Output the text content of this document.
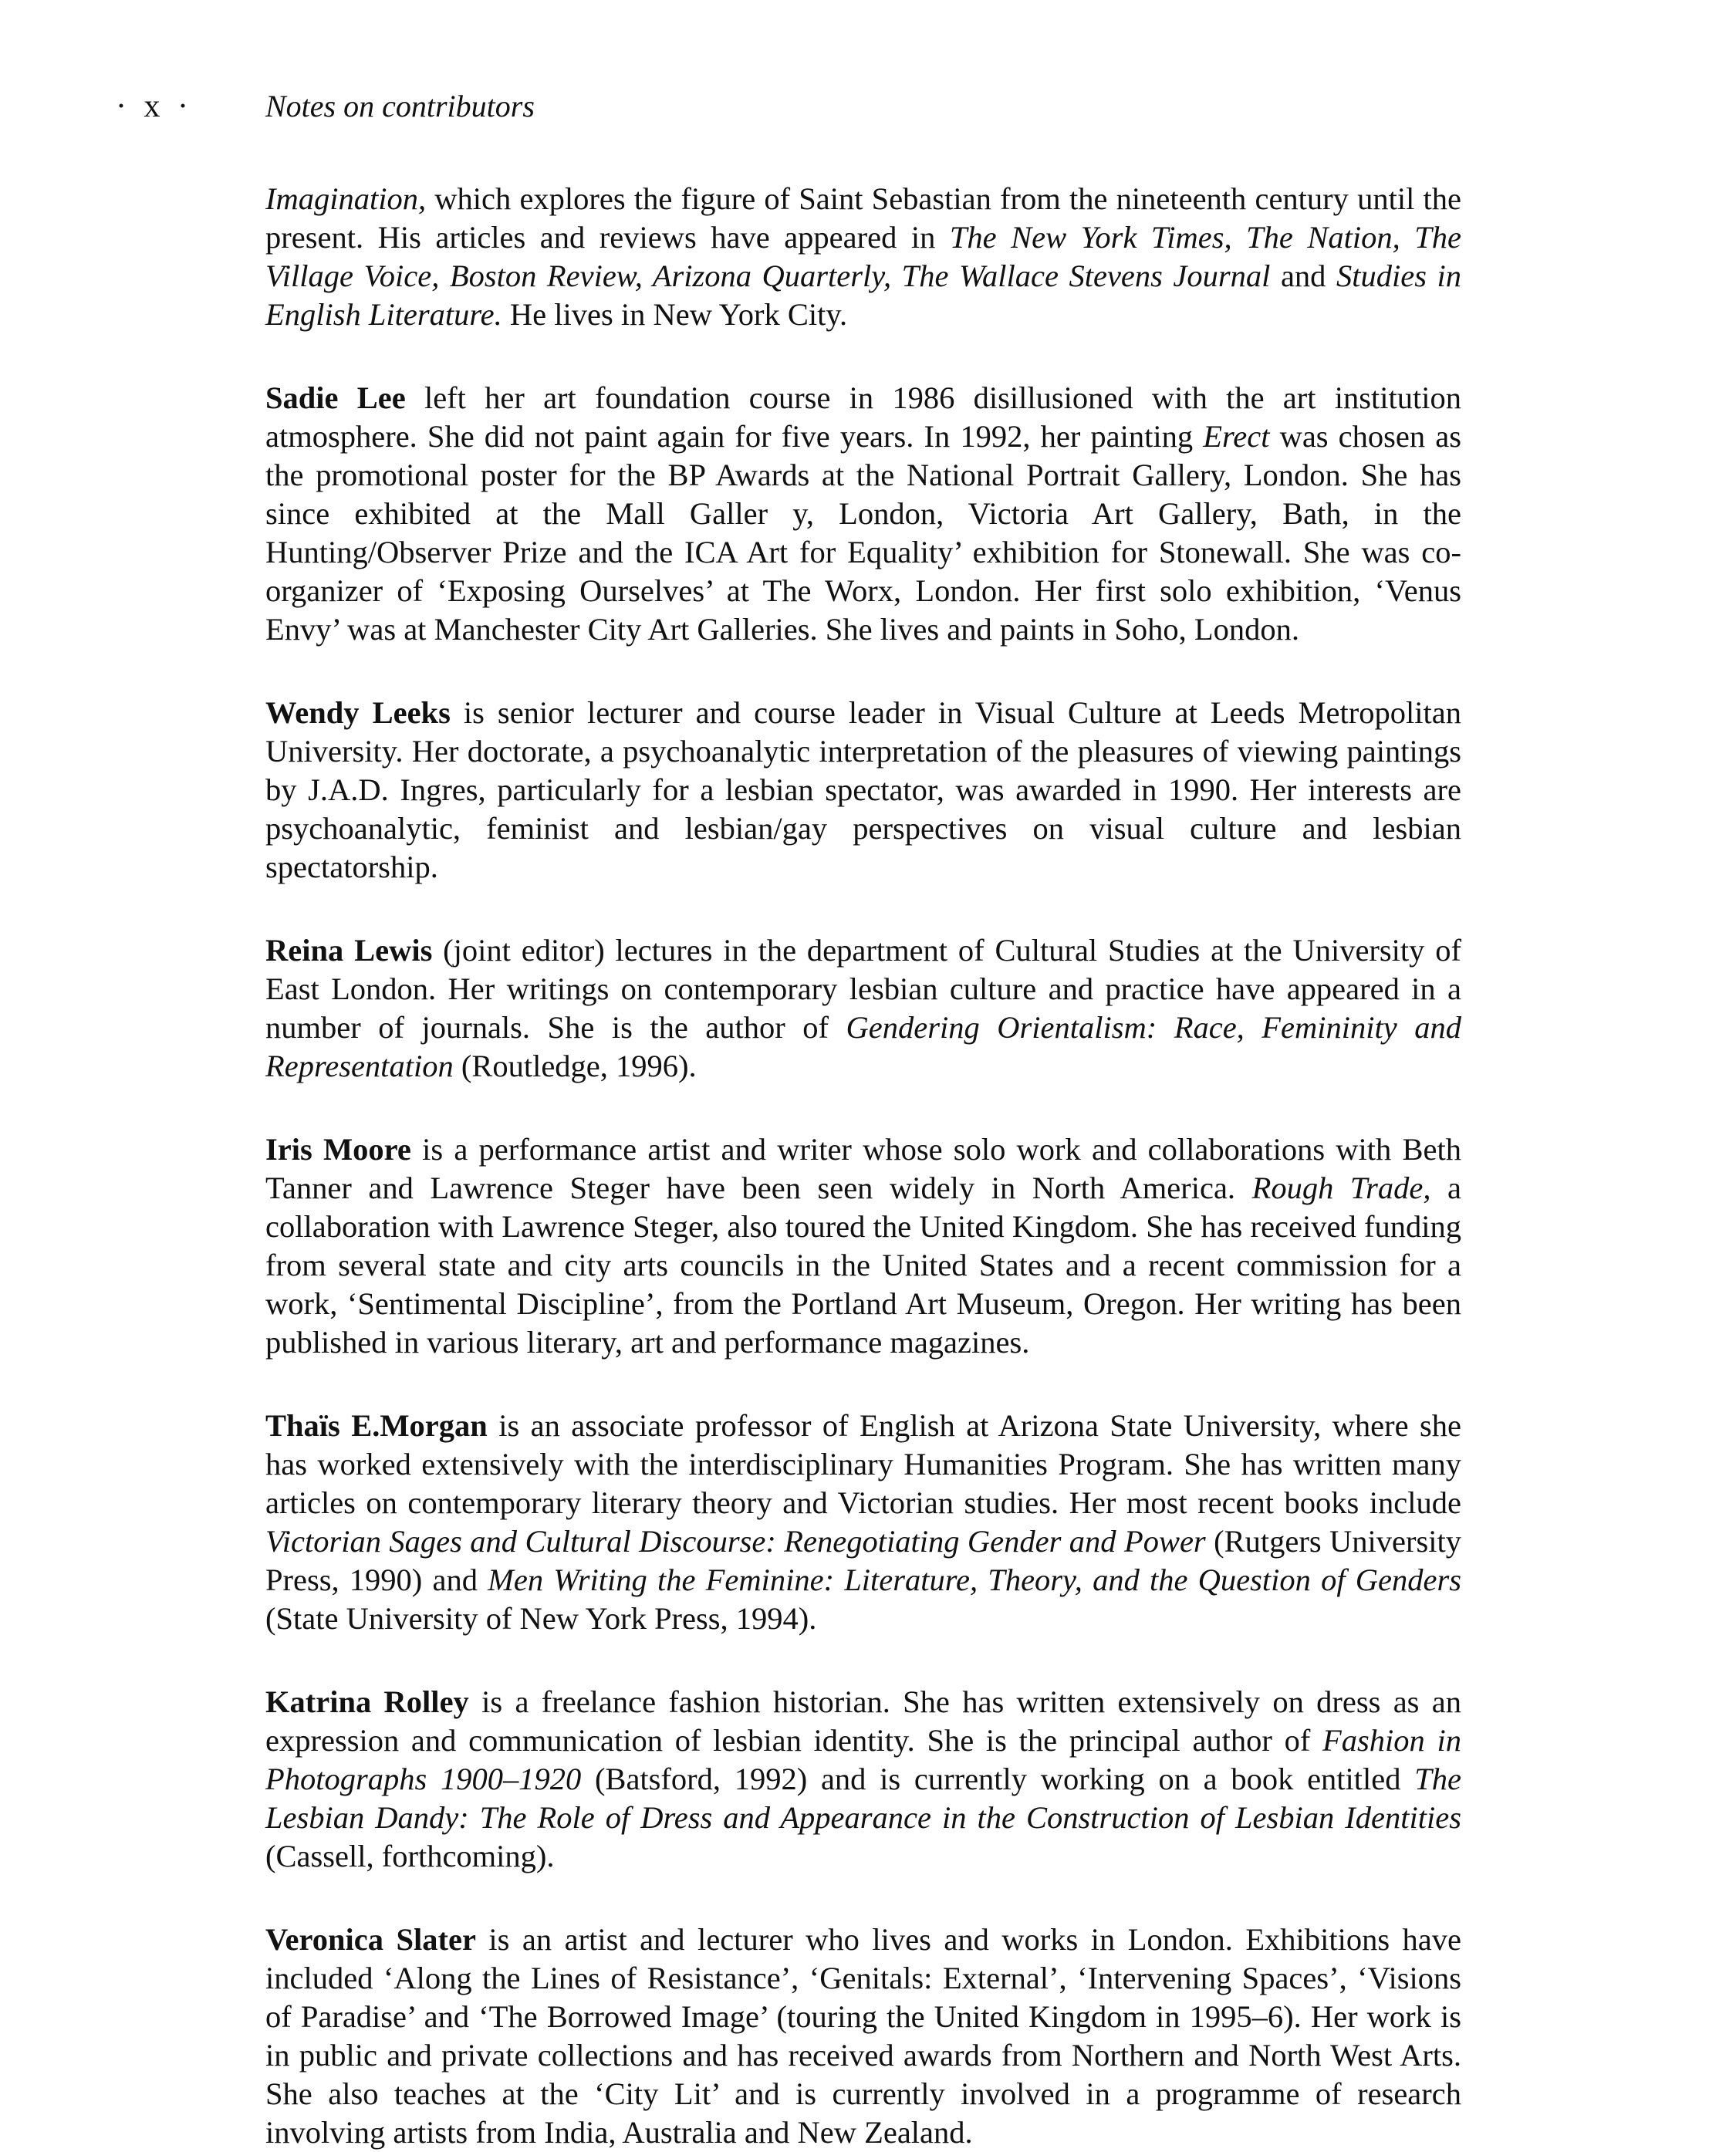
· x · Notes on contributors

Imagination, which explores the figure of Saint Sebastian from the nineteenth century until the present. His articles and reviews have appeared in The New York Times, The Nation, The Village Voice, Boston Review, Arizona Quarterly, The Wallace Stevens Journal and Studies in English Literature. He lives in New York City.

Sadie Lee left her art foundation course in 1986 disillusioned with the art institution atmosphere. She did not paint again for five years. In 1992, her painting Erect was chosen as the promotional poster for the BP Awards at the National Portrait Gallery, London. She has since exhibited at the Mall Galler y, London, Victoria Art Gallery, Bath, in the Hunting/Observer Prize and the ICA Art for Equality’ exhibition for Stonewall. She was co-organizer of ‘Exposing Ourselves’ at The Worx, London. Her first solo exhibition, ‘Venus Envy’ was at Manchester City Art Galleries. She lives and paints in Soho, London.

Wendy Leeks is senior lecturer and course leader in Visual Culture at Leeds Metropolitan University. Her doctorate, a psychoanalytic interpretation of the pleasures of viewing paintings by J.A.D. Ingres, particularly for a lesbian spectator, was awarded in 1990. Her interests are psychoanalytic, feminist and lesbian/gay perspectives on visual culture and lesbian spectatorship.

Reina Lewis (joint editor) lectures in the department of Cultural Studies at the University of East London. Her writings on contemporary lesbian culture and practice have appeared in a number of journals. She is the author of Gendering Orientalism: Race, Femininity and Representation (Routledge, 1996).

Iris Moore is a performance artist and writer whose solo work and collaborations with Beth Tanner and Lawrence Steger have been seen widely in North America. Rough Trade, a collaboration with Lawrence Steger, also toured the United Kingdom. She has received funding from several state and city arts councils in the United States and a recent commission for a work, ‘Sentimental Discipline’, from the Portland Art Museum, Oregon. Her writing has been published in various literary, art and performance magazines.

Thaïs E.Morgan is an associate professor of English at Arizona State University, where she has worked extensively with the interdisciplinary Humanities Program. She has written many articles on contemporary literary theory and Victorian studies. Her most recent books include Victorian Sages and Cultural Discourse: Renegotiating Gender and Power (Rutgers University Press, 1990) and Men Writing the Feminine: Literature, Theory, and the Question of Genders (State University of New York Press, 1994).

Katrina Rolley is a freelance fashion historian. She has written extensively on dress as an expression and communication of lesbian identity. She is the principal author of Fashion in Photographs 1900–1920 (Batsford, 1992) and is currently working on a book entitled The Lesbian Dandy: The Role of Dress and Appearance in the Construction of Lesbian Identities (Cassell, forthcoming).

Veronica Slater is an artist and lecturer who lives and works in London. Exhibitions have included ‘Along the Lines of Resistance’, ‘Genitals: External’, ‘Intervening Spaces’, ‘Visions of Paradise’ and ‘The Borrowed Image’ (touring the United Kingdom in 1995–6). Her work is in public and private collections and has received awards from Northern and North West Arts. She also teaches at the ‘City Lit’ and is currently involved in a programme of research involving artists from India, Australia and New Zealand.
